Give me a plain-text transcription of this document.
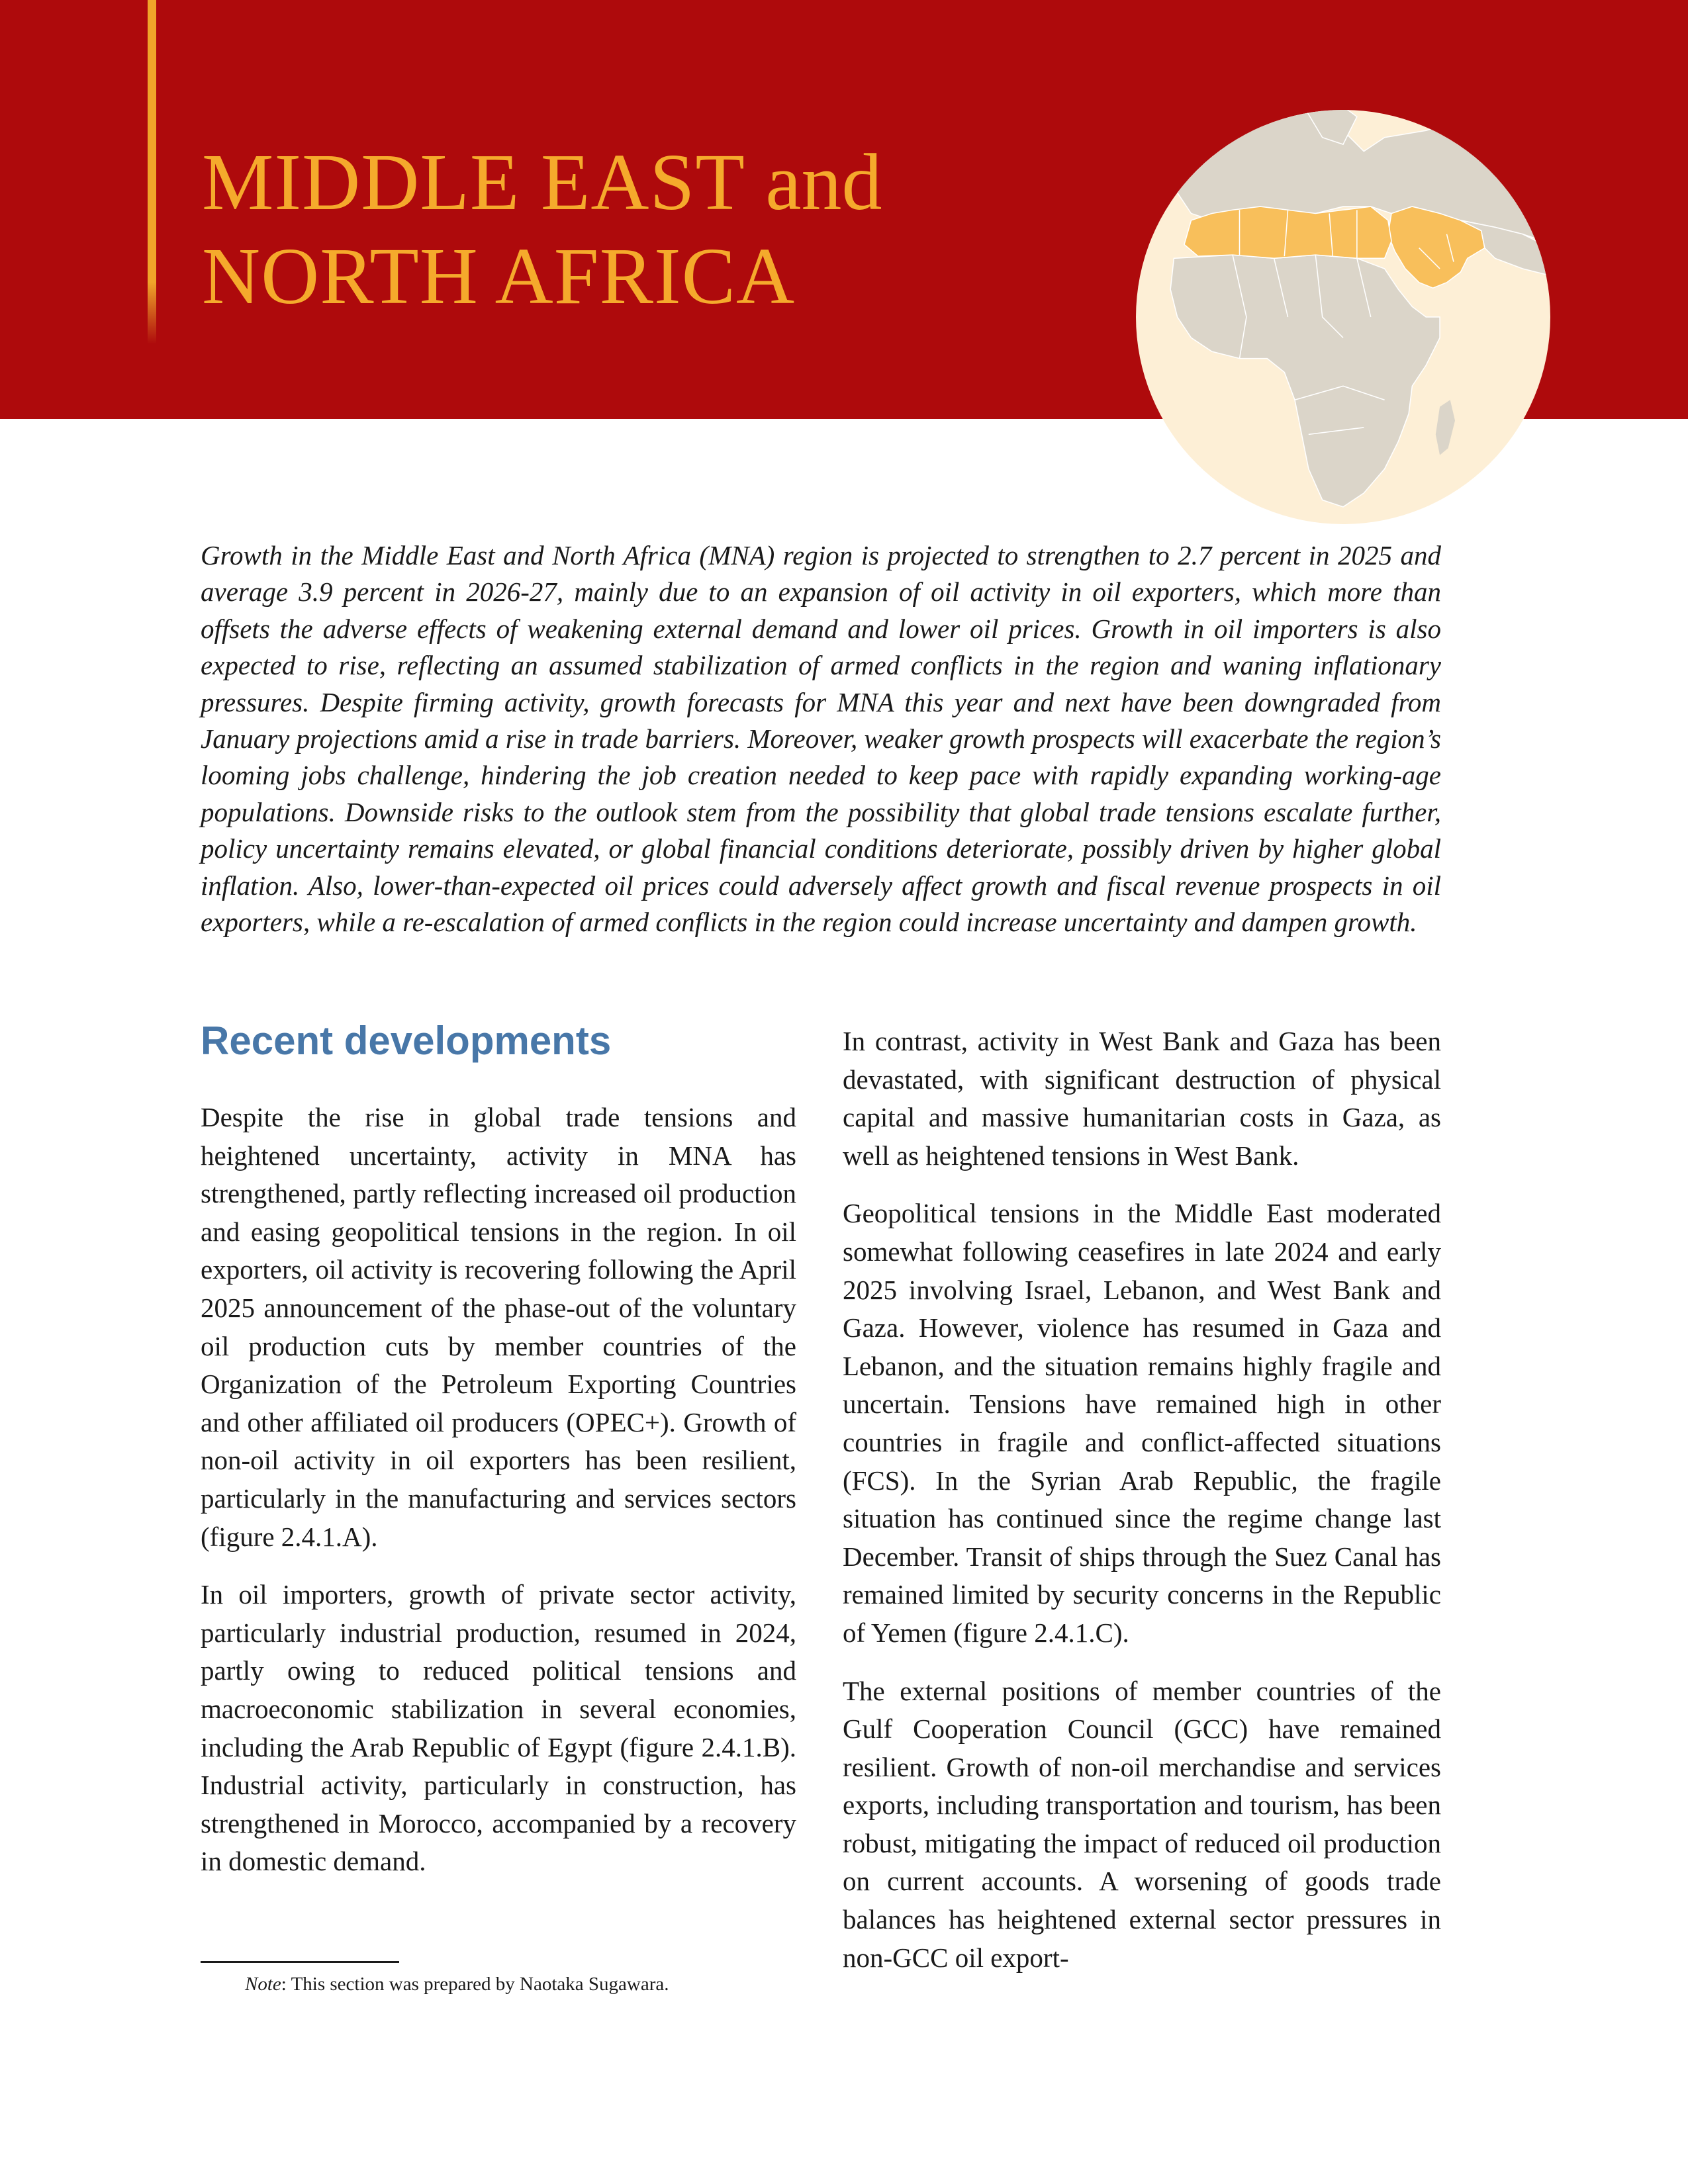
MIDDLE EAST and
NORTH AFRICA

Growth in the Middle East and North Africa (MNA) region is projected to strengthen to 2.7 percent in 2025 and average 3.9 percent in 2026-27, mainly due to an expansion of oil activity in oil exporters, which more than offsets the adverse effects of weakening external demand and lower oil prices. Growth in oil importers is also expected to rise, reflecting an assumed stabilization of armed conflicts in the region and waning inflationary pressures. Despite firming activity, growth forecasts for MNA this year and next have been downgraded from January projections amid a rise in trade barriers. Moreover, weaker growth prospects will exacerbate the region’s looming jobs challenge, hindering the job creation needed to keep pace with rapidly expanding working-age populations. Downside risks to the outlook stem from the possibility that global trade tensions escalate further, policy uncertainty remains elevated, or global financial conditions deteriorate, possibly driven by higher global inflation. Also, lower-than-expected oil prices could adversely affect growth and fiscal revenue prospects in oil exporters, while a re-escalation of armed conflicts in the region could increase uncertainty and dampen growth.

Recent developments

Despite the rise in global trade tensions and heightened uncertainty, activity in MNA has strengthened, partly reflecting increased oil production and easing geopolitical tensions in the region. In oil exporters, oil activity is recovering following the April 2025 announcement of the phase-out of the voluntary oil production cuts by member countries of the Organization of the Petroleum Exporting Countries and other affiliated oil producers (OPEC+). Growth of non-oil activity in oil exporters has been resilient, particularly in the manufacturing and services sectors (figure 2.4.1.A).

In oil importers, growth of private sector activity, particularly industrial production, resumed in 2024, partly owing to reduced political tensions and macroeconomic stabilization in several economies, including the Arab Republic of Egypt (figure 2.4.1.B). Industrial activity, particularly in construction, has strengthened in Morocco, accompanied by a recovery in domestic demand.

In contrast, activity in West Bank and Gaza has been devastated, with significant destruction of physical capital and massive humanitarian costs in Gaza, as well as heightened tensions in West Bank.

Geopolitical tensions in the Middle East moderated somewhat following ceasefires in late 2024 and early 2025 involving Israel, Lebanon, and West Bank and Gaza. However, violence has resumed in Gaza and Lebanon, and the situation remains highly fragile and uncertain. Tensions have remained high in other countries in fragile and conflict-affected situations (FCS). In the Syrian Arab Republic, the fragile situation has continued since the regime change last December. Transit of ships through the Suez Canal has remained limited by security concerns in the Republic of Yemen (figure 2.4.1.C).

The external positions of member countries of the Gulf Cooperation Council (GCC) have remained resilient. Growth of non-oil merchandise and services exports, including transportation and tourism, has been robust, mitigating the impact of reduced oil production on current accounts. A worsening of goods trade balances has heightened external sector pressures in non-GCC oil export-

Note: This section was prepared by Naotaka Sugawara.
